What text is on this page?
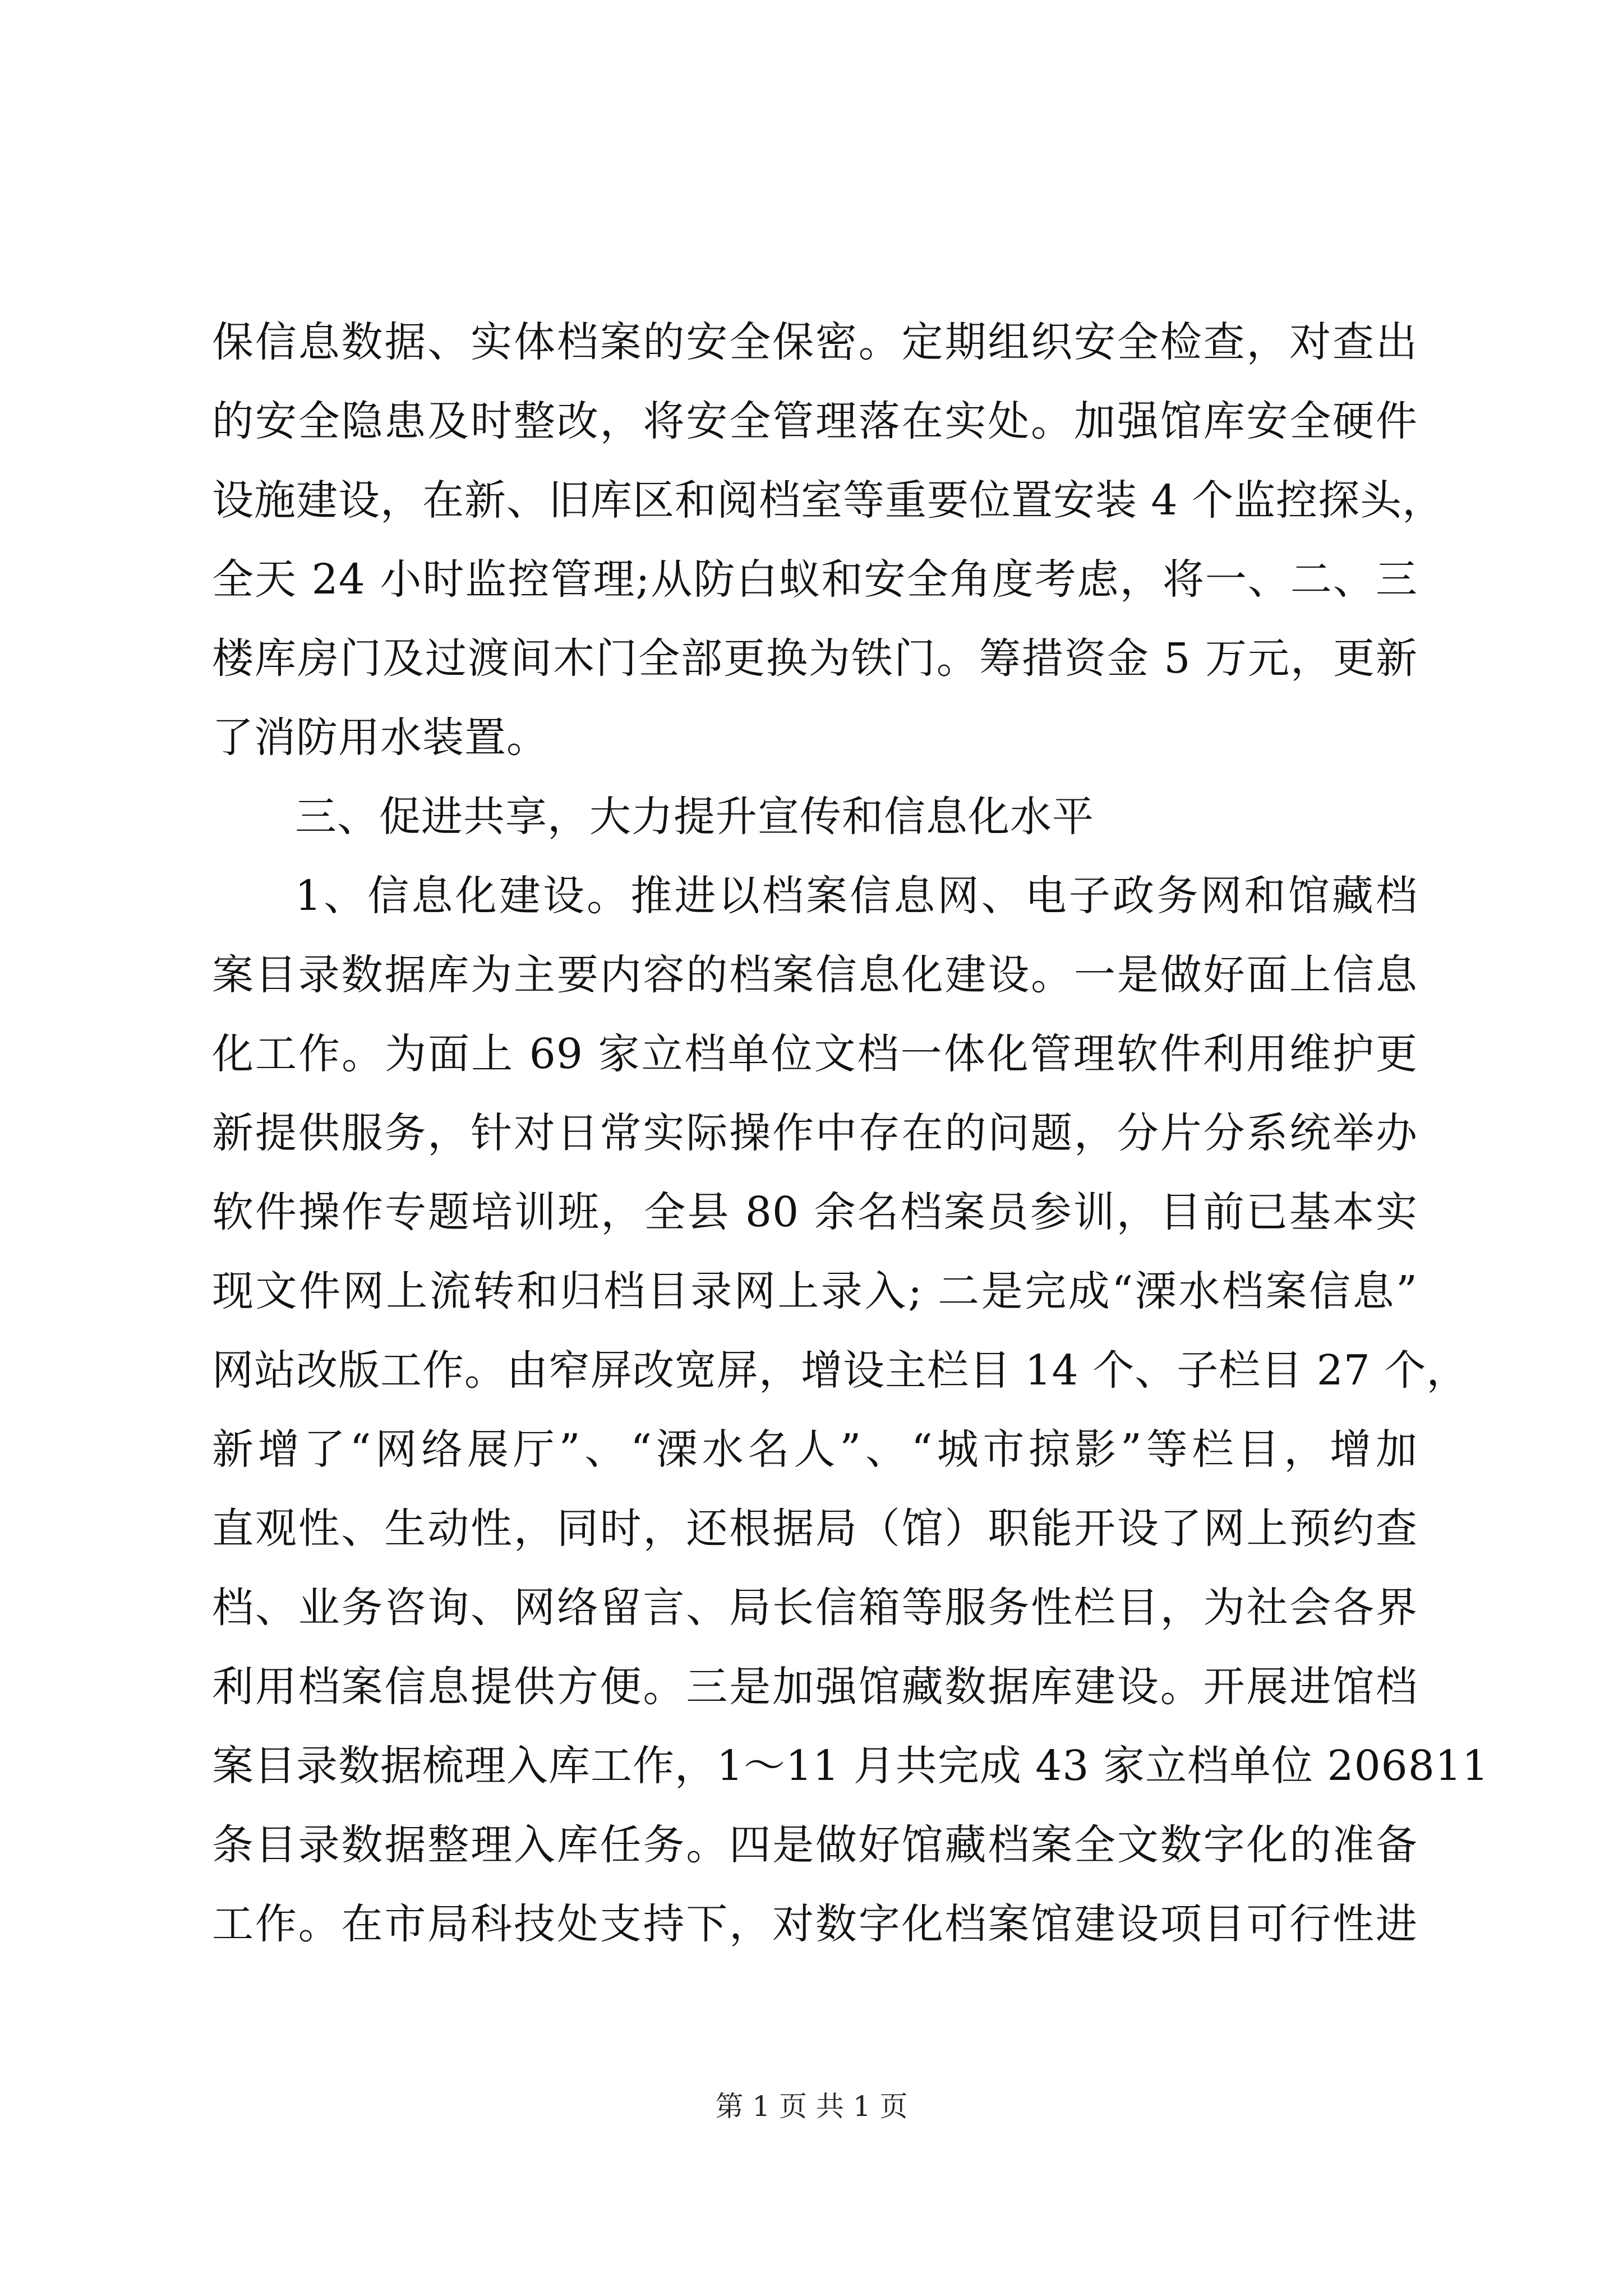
保信息数据、实体档案的安全保密。定期组织安全检查，对查出
的安全隐患及时整改，将安全管理落在实处。加强馆库安全硬件
设施建设，在新、旧库区和阅档室等重要位置安装 4 个监控探头，
全天 24 小时监控管理;从防白蚁和安全角度考虑，将一、二、三
楼库房门及过渡间木门全部更换为铁门。筹措资金 5 万元，更新
了消防用水装置。
三、促进共享，大力提升宣传和信息化水平
1、信息化建设。推进以档案信息网、电子政务网和馆藏档
案目录数据库为主要内容的档案信息化建设。一是做好面上信息
化工作。为面上 69 家立档单位文档一体化管理软件利用维护更
新提供服务，针对日常实际操作中存在的问题，分片分系统举办
软件操作专题培训班，全县 80 余名档案员参训，目前已基本实
现文件网上流转和归档目录网上录入; 二是完成“溧水档案信息”
网站改版工作。由窄屏改宽屏，增设主栏目 14 个、子栏目 27 个，
新增了“网络展厅”、“溧水名人”、“城市掠影”等栏目，增加
直观性、生动性，同时，还根据局（馆）职能开设了网上预约查
档、业务咨询、网络留言、局长信箱等服务性栏目，为社会各界
利用档案信息提供方便。三是加强馆藏数据库建设。开展进馆档
案目录数据梳理入库工作，1～11 月共完成 43 家立档单位 206811
条目录数据整理入库任务。四是做好馆藏档案全文数字化的准备
工作。在市局科技处支持下，对数字化档案馆建设项目可行性进
第 1 页 共 1 页
